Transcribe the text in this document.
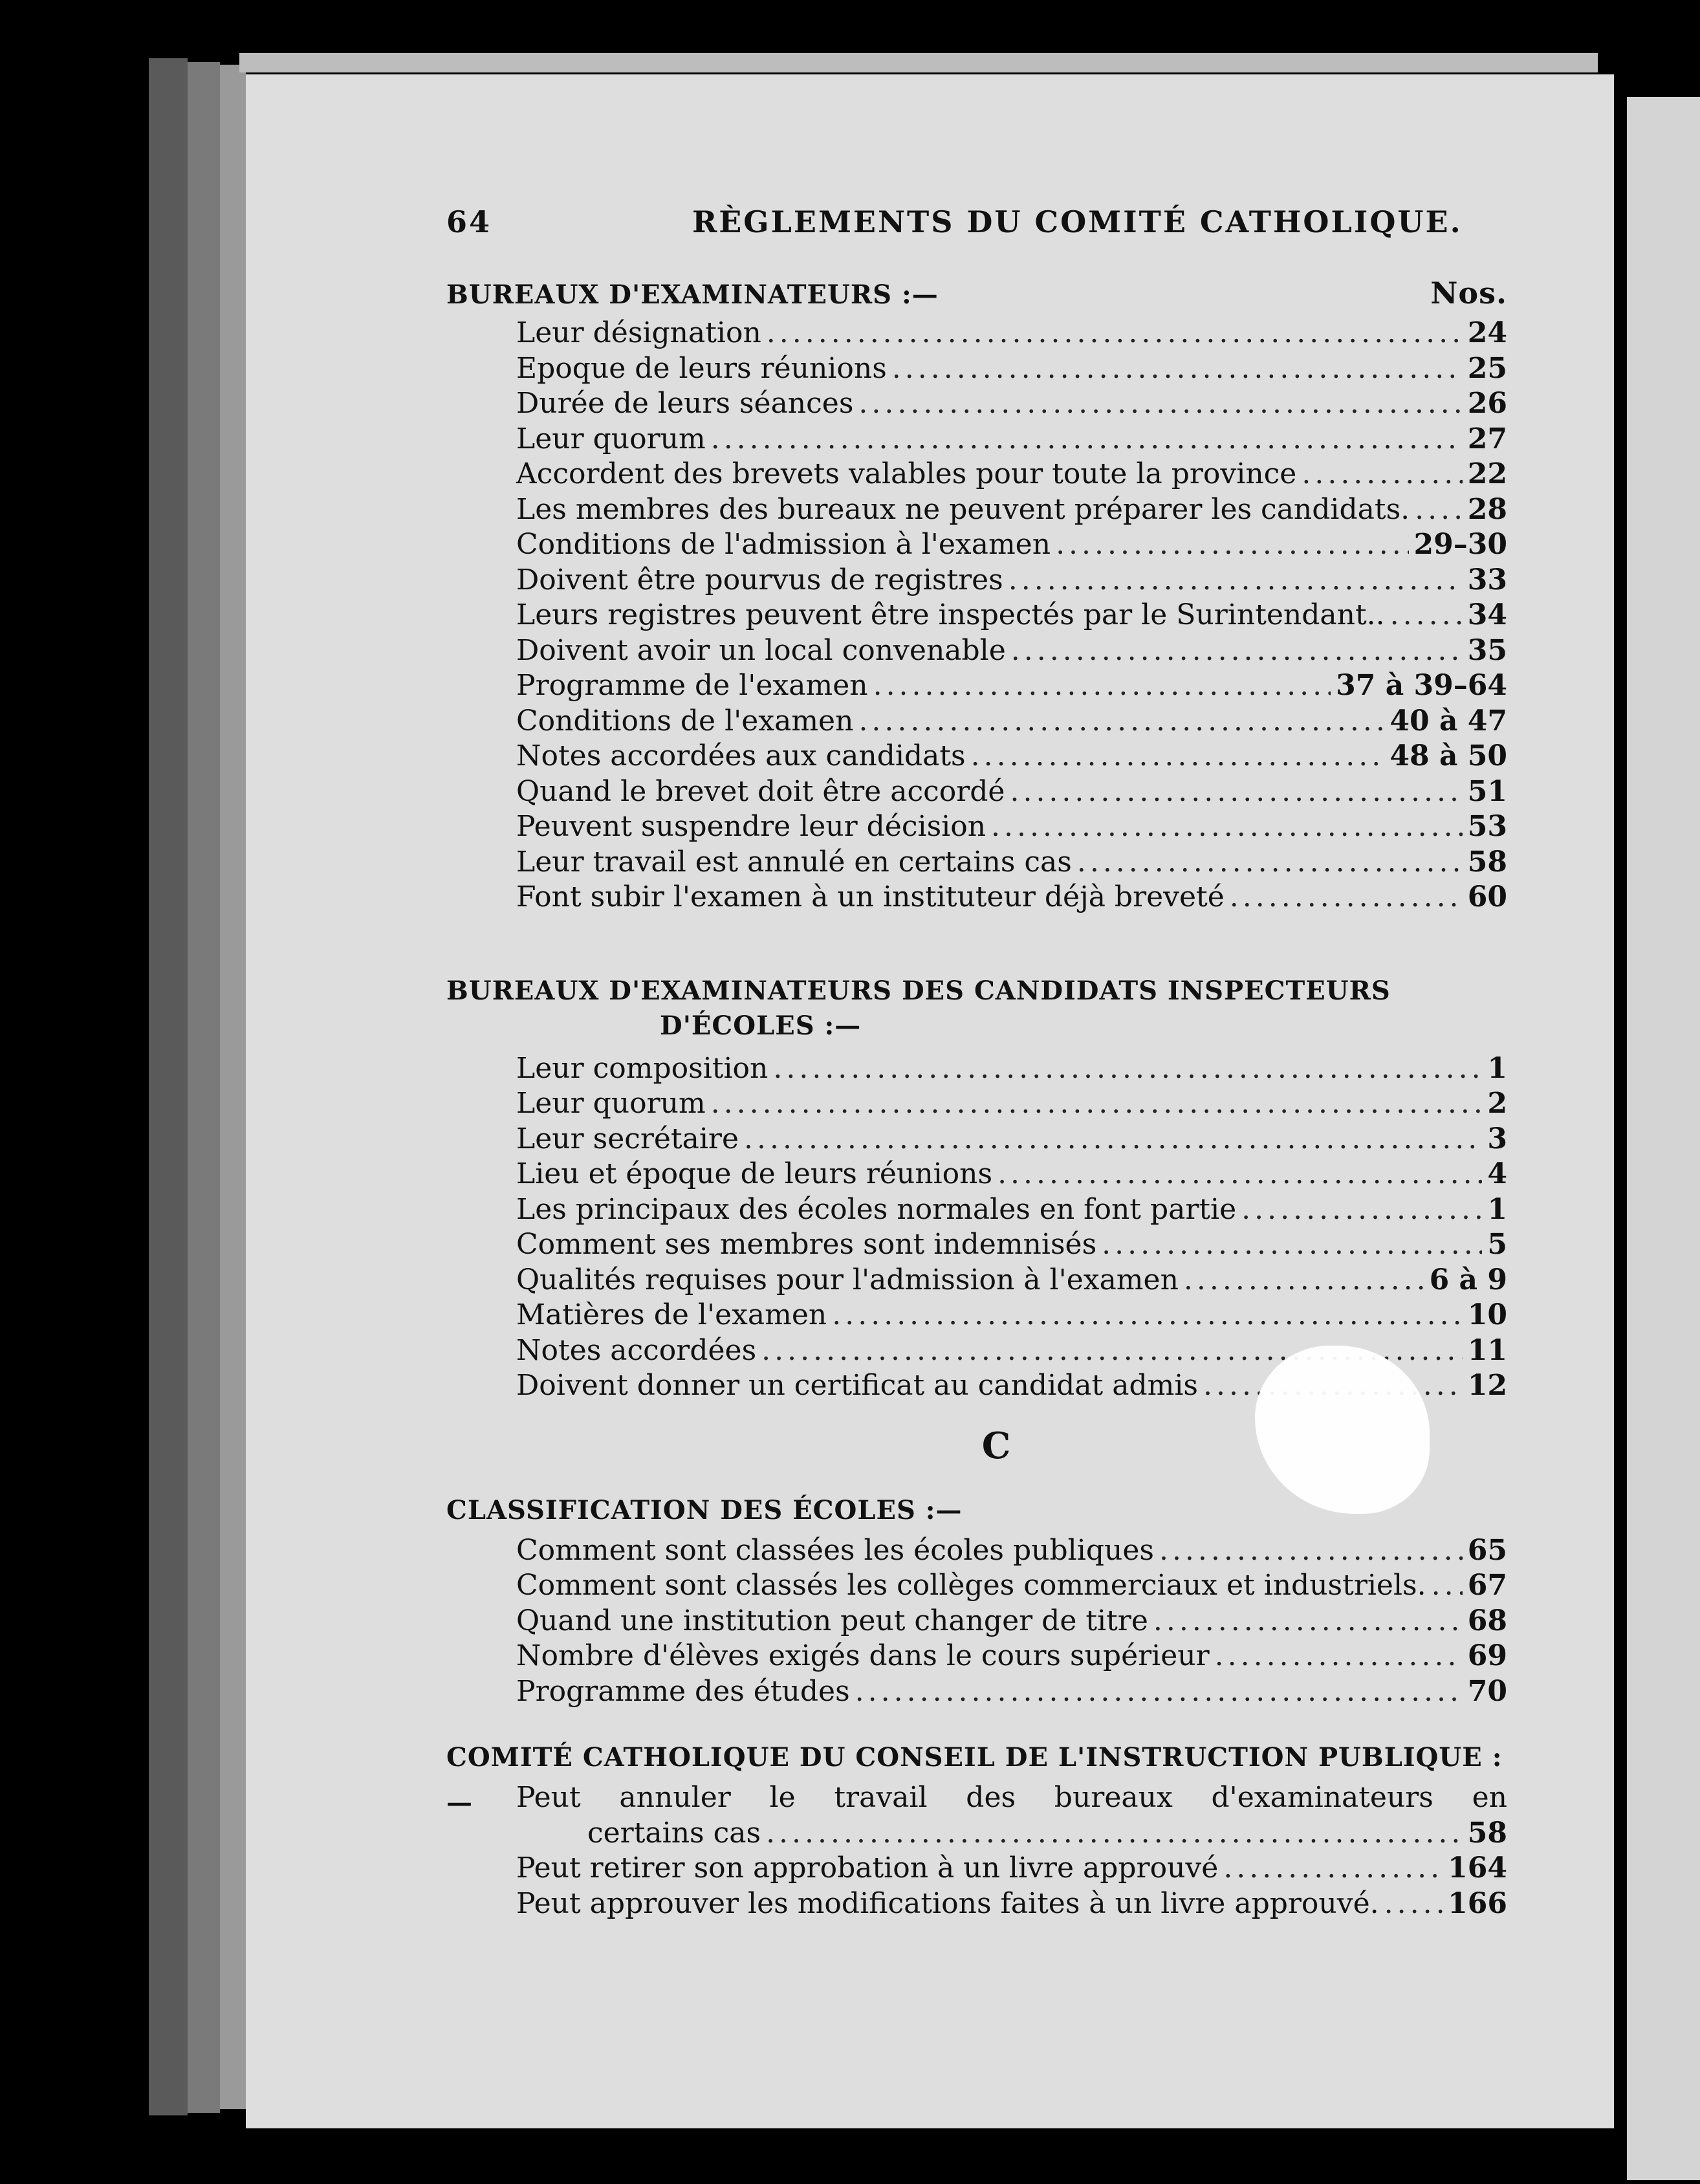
64	RÈGLEMENTS DU COMITÉ CATHOLIQUE.
BUREAUX D'EXAMINATEURS :—	Nos.
Leur désignation .....	24
Epoque de leurs réunions .....	25
Durée de leurs séances .....	26
Leur quorum .....	27
Accordent des brevets valables pour toute la province .....	22
Les membres des bureaux ne peuvent préparer les candidats. ..... 28
Conditions de l'admission à l'examen .....	29–30
Doivent être pourvus de registres .....	33
Leurs registres peuvent être inspectés par le Surintendant.. .....	34
Doivent avoir un local convenable .....	35
Programme de l'examen .....	37 à 39–64
Conditions de l'examen .....	40 à 47
Notes accordées aux candidats .....	48 à 50
Quand le brevet doit être accordé .....	51
Peuvent suspendre leur décision .....	53
Leur travail est annulé en certains cas .....	58
Font subir l'examen à un instituteur déjà breveté .....	60
BUREAUX D'EXAMINATEURS DES CANDIDATS INSPECTEURS
D'ÉCOLES :—
Leur composition .....	1
Leur quorum .....	2
Leur secrétaire .....	3
Lieu et époque de leurs réunions .....	4
Les principaux des écoles normales en font partie .....	1
Comment ses membres sont indemnisés .....	5
Qualités requises pour l'admission à l'examen .....	6 à 9
Matières de l'examen .....	10
Notes accordées .....	11
Doivent donner un certificat au candidat admis .....	12
C
CLASSIFICATION DES ÉCOLES :—
Comment sont classées les écoles publiques .....	65
Comment sont classés les collèges commerciaux et industriels. ..... 67
Quand une institution peut changer de titre .....	68
Nombre d'élèves exigés dans le cours supérieur .....	69
Programme des études .....	70
COMITÉ CATHOLIQUE DU CONSEIL DE L'INSTRUCTION PUBLIQUE :—	Peut annuler le travail des bureaux d'examinateurs en
certains cas .....	58
Peut retirer son approbation à un livre approuvé .....	164
Peut approuver les modifications faites à un livre approuvé. ..... 166
